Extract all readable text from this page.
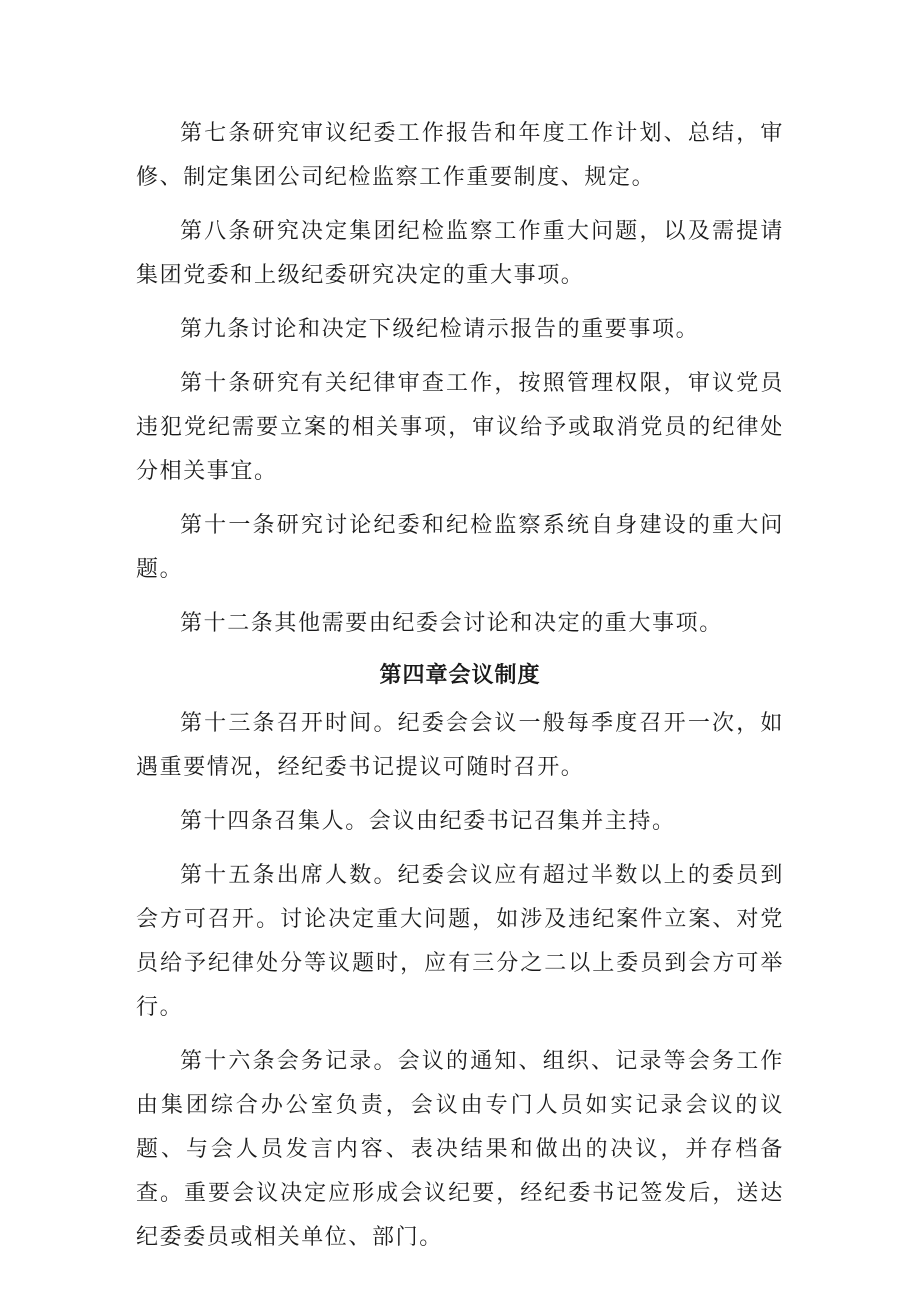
第七条研究审议纪委工作报告和年度工作计划、总结，审修、制定集团公司纪检监察工作重要制度、规定。

第八条研究决定集团纪检监察工作重大问题，以及需提请集团党委和上级纪委研究决定的重大事项。

第九条讨论和决定下级纪检请示报告的重要事项。

第十条研究有关纪律审查工作，按照管理权限，审议党员违犯党纪需要立案的相关事项，审议给予或取消党员的纪律处分相关事宜。

第十一条研究讨论纪委和纪检监察系统自身建设的重大问题。

第十二条其他需要由纪委会讨论和决定的重大事项。

第四章会议制度

第十三条召开时间。纪委会会议一般每季度召开一次，如遇重要情况，经纪委书记提议可随时召开。

第十四条召集人。会议由纪委书记召集并主持。

第十五条出席人数。纪委会议应有超过半数以上的委员到会方可召开。讨论决定重大问题，如涉及违纪案件立案、对党员给予纪律处分等议题时，应有三分之二以上委员到会方可举行。

第十六条会务记录。会议的通知、组织、记录等会务工作由集团综合办公室负责，会议由专门人员如实记录会议的议题、与会人员发言内容、表决结果和做出的决议，并存档备查。重要会议决定应形成会议纪要，经纪委书记签发后，送达纪委委员或相关单位、部门。
